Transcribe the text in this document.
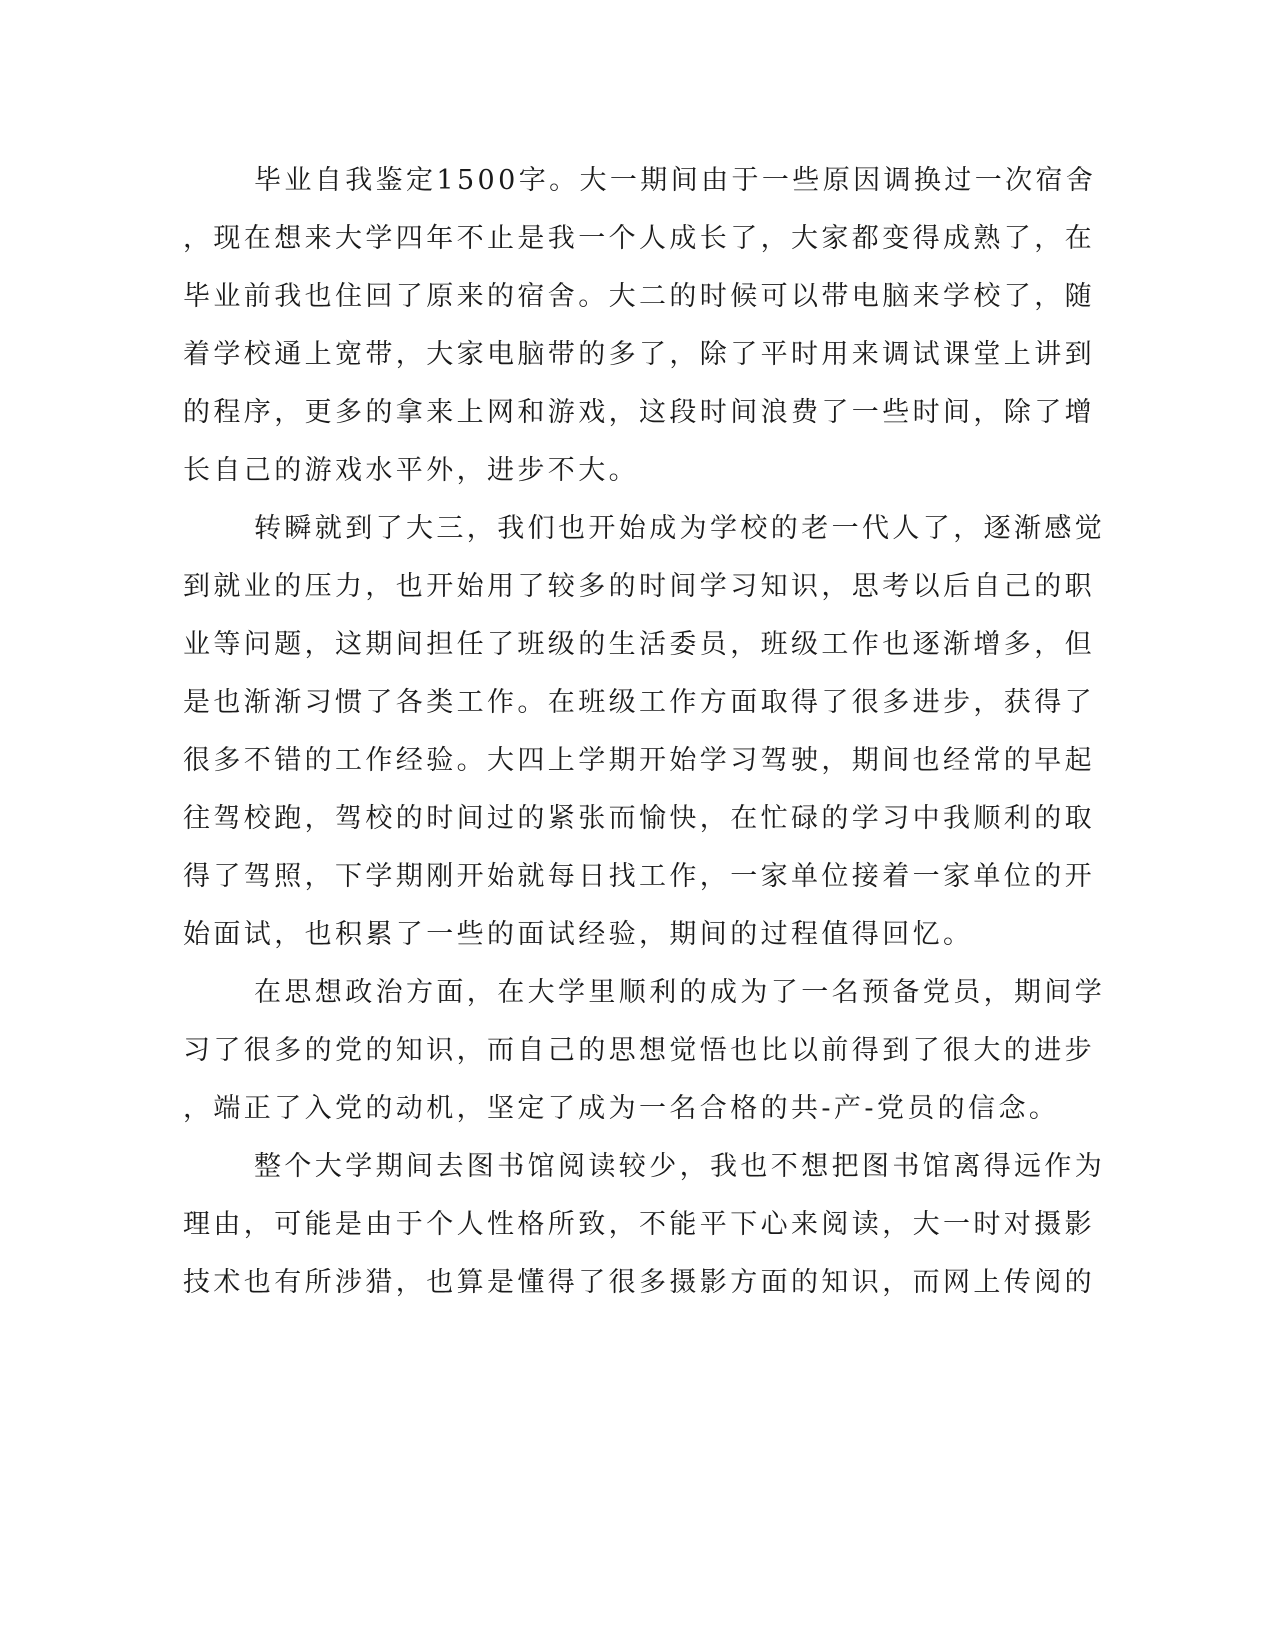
毕业自我鉴定1500字。大一期间由于一些原因调换过一次宿舍
，现在想来大学四年不止是我一个人成长了，大家都变得成熟了，在
毕业前我也住回了原来的宿舍。大二的时候可以带电脑来学校了，随
着学校通上宽带，大家电脑带的多了，除了平时用来调试课堂上讲到
的程序，更多的拿来上网和游戏，这段时间浪费了一些时间，除了增
长自己的游戏水平外，进步不大。
转瞬就到了大三，我们也开始成为学校的老一代人了，逐渐感觉
到就业的压力，也开始用了较多的时间学习知识，思考以后自己的职
业等问题，这期间担任了班级的生活委员，班级工作也逐渐增多，但
是也渐渐习惯了各类工作。在班级工作方面取得了很多进步，获得了
很多不错的工作经验。大四上学期开始学习驾驶，期间也经常的早起
往驾校跑，驾校的时间过的紧张而愉快，在忙碌的学习中我顺利的取
得了驾照，下学期刚开始就每日找工作，一家单位接着一家单位的开
始面试，也积累了一些的面试经验，期间的过程值得回忆。
在思想政治方面，在大学里顺利的成为了一名预备党员，期间学
习了很多的党的知识，而自己的思想觉悟也比以前得到了很大的进步
，端正了入党的动机，坚定了成为一名合格的共-产-党员的信念。
整个大学期间去图书馆阅读较少，我也不想把图书馆离得远作为
理由，可能是由于个人性格所致，不能平下心来阅读，大一时对摄影
技术也有所涉猎，也算是懂得了很多摄影方面的知识，而网上传阅的
